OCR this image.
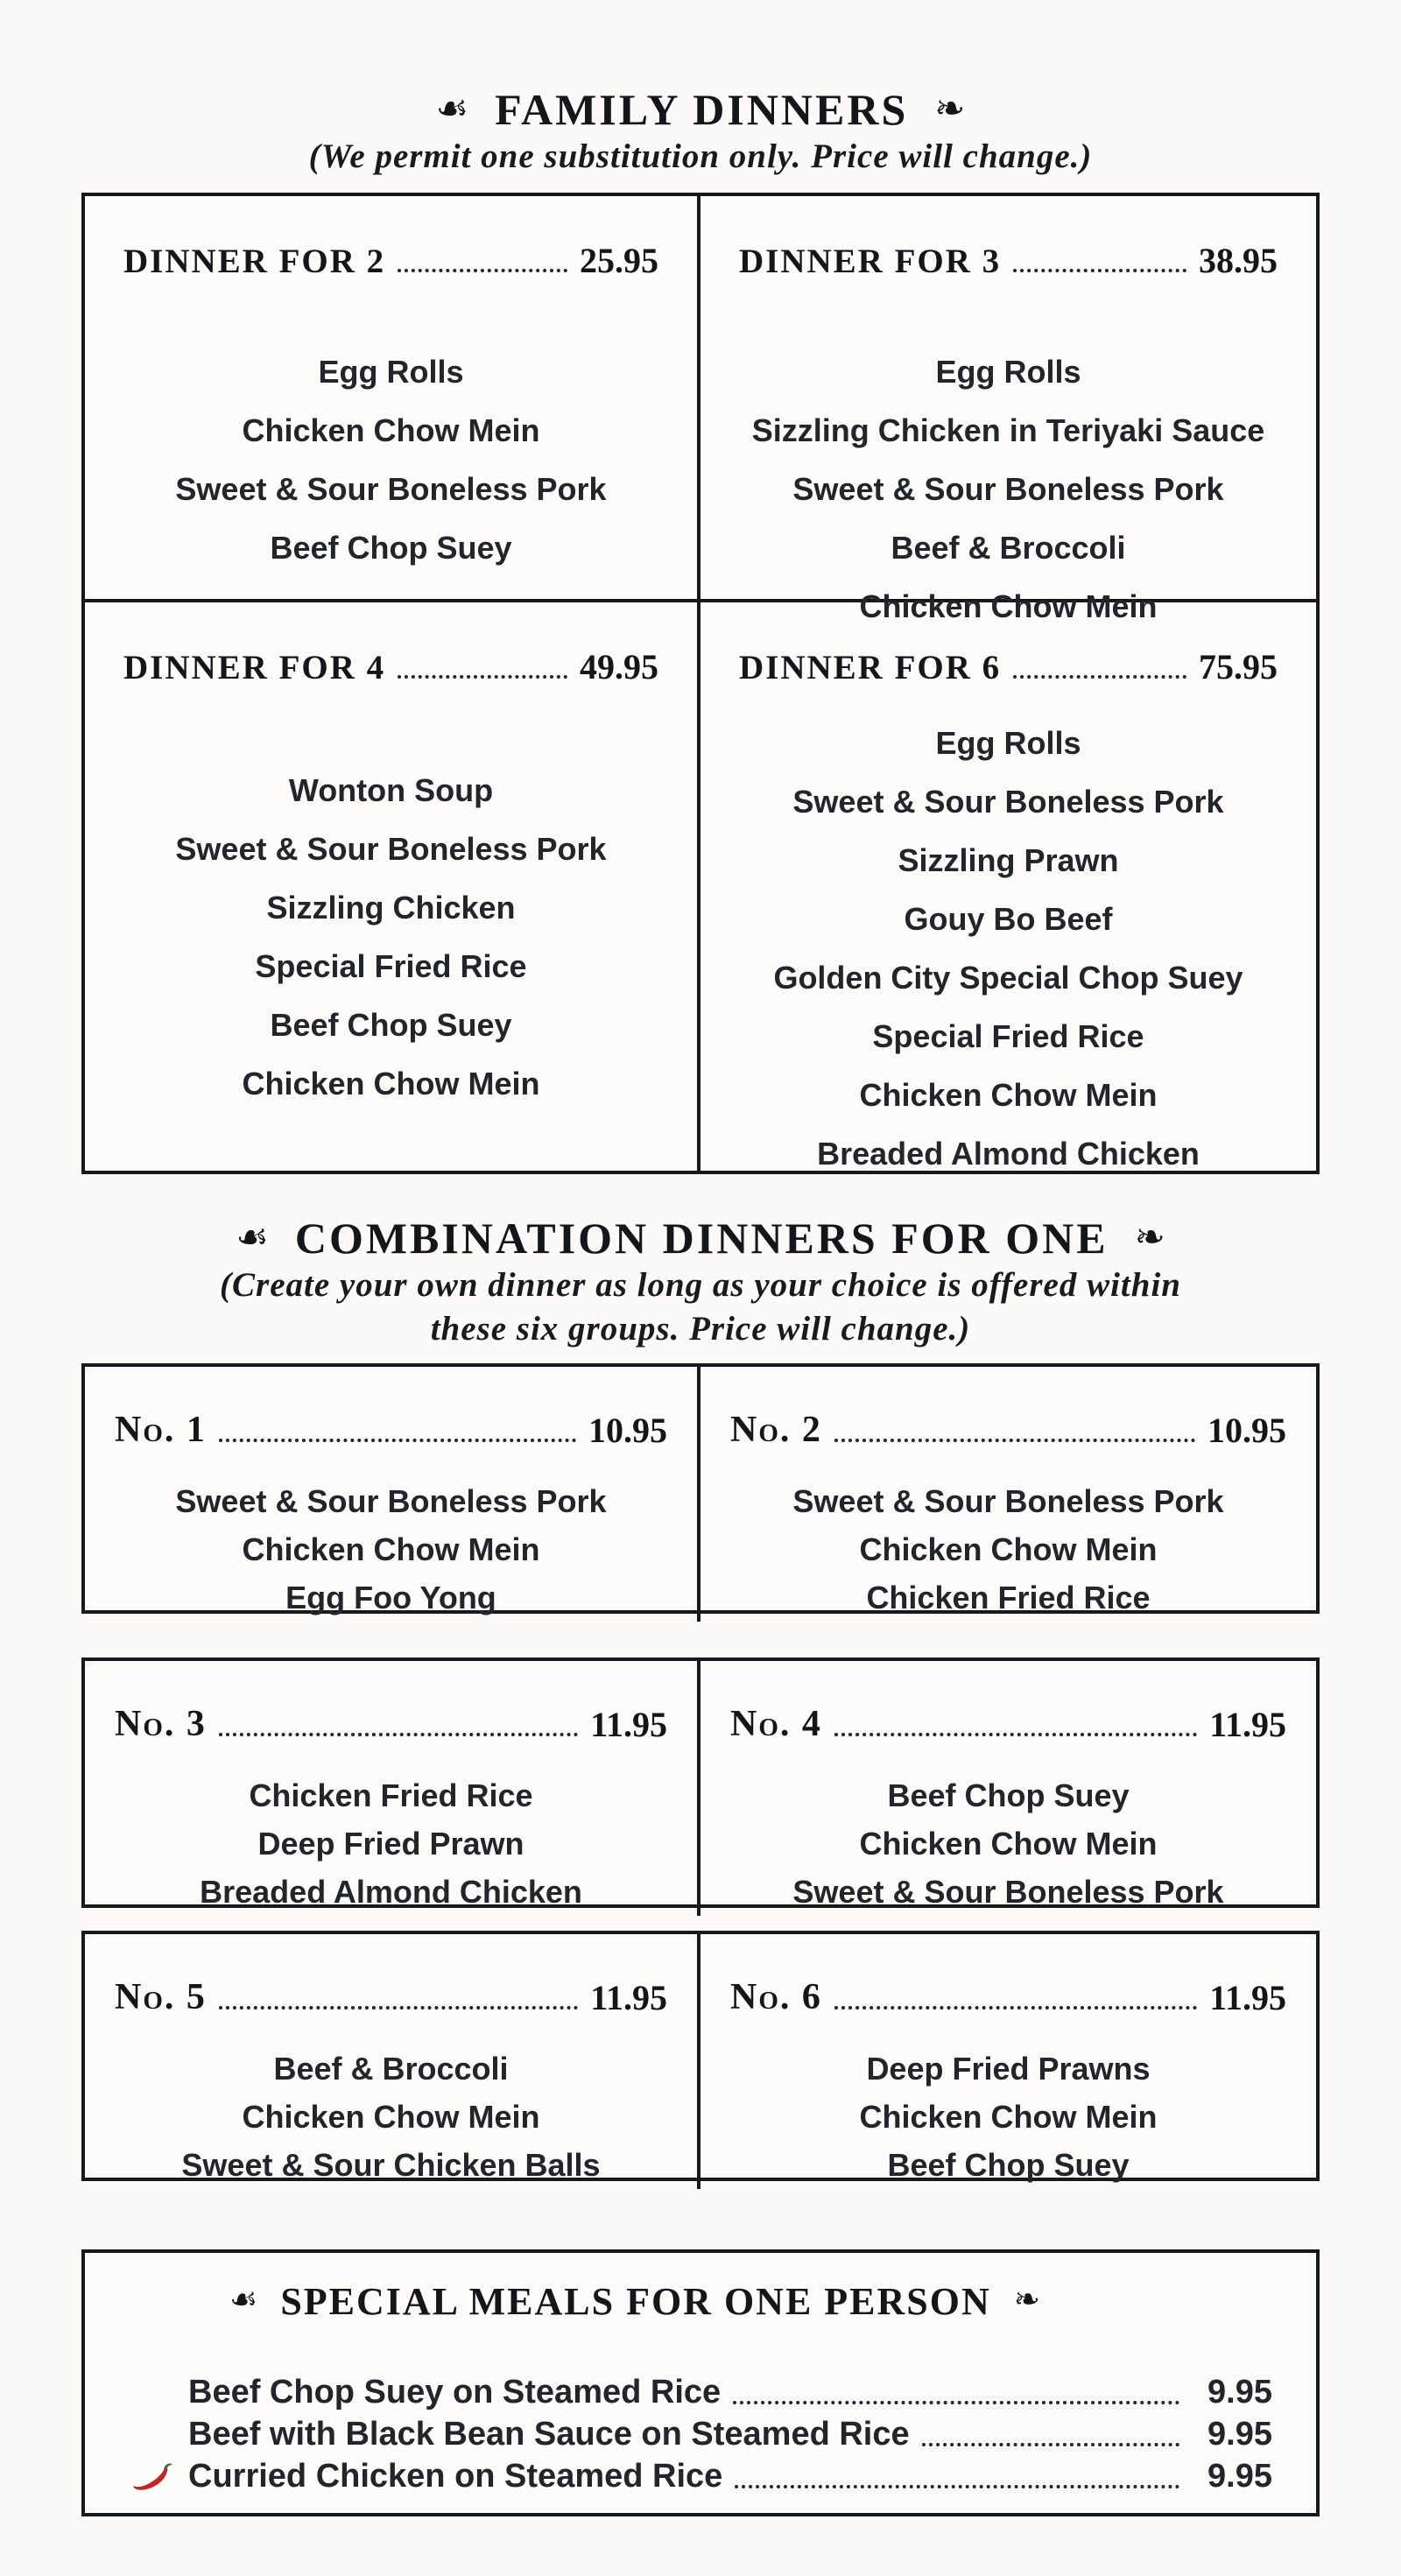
☙ FAMILY DINNERS ❧
(We permit one substitution only. Price will change.)
DINNER FOR 2	25.95
Egg Rolls
Chicken Chow Mein
Sweet & Sour Boneless Pork
Beef Chop Suey
DINNER FOR 3	38.95
Egg Rolls
Sizzling Chicken in Teriyaki Sauce
Sweet & Sour Boneless Pork
Beef & Broccoli
Chicken Chow Mein
DINNER FOR 4	49.95
Wonton Soup
Sweet & Sour Boneless Pork
Sizzling Chicken
Special Fried Rice
Beef Chop Suey
Chicken Chow Mein
DINNER FOR 6	75.95
Egg Rolls
Sweet & Sour Boneless Pork
Sizzling Prawn
Gouy Bo Beef
Golden City Special Chop Suey
Special Fried Rice
Chicken Chow Mein
Breaded Almond Chicken
☙ COMBINATION DINNERS FOR ONE ❧
(Create your own dinner as long as your choice is offered within
these six groups. Price will change.)
No. 1	10.95
Sweet & Sour Boneless Pork
Chicken Chow Mein
Egg Foo Yong
No. 2	10.95
Sweet & Sour Boneless Pork
Chicken Chow Mein
Chicken Fried Rice
No. 3	11.95
Chicken Fried Rice
Deep Fried Prawn
Breaded Almond Chicken
No. 4	11.95
Beef Chop Suey
Chicken Chow Mein
Sweet & Sour Boneless Pork
No. 5	11.95
Beef & Broccoli
Chicken Chow Mein
Sweet & Sour Chicken Balls
No. 6	11.95
Deep Fried Prawns
Chicken Chow Mein
Beef Chop Suey
☙ SPECIAL MEALS FOR ONE PERSON ❧
Beef Chop Suey on Steamed Rice	9.95
Beef with Black Bean Sauce on Steamed Rice	9.95
Curried Chicken on Steamed Rice	9.95
